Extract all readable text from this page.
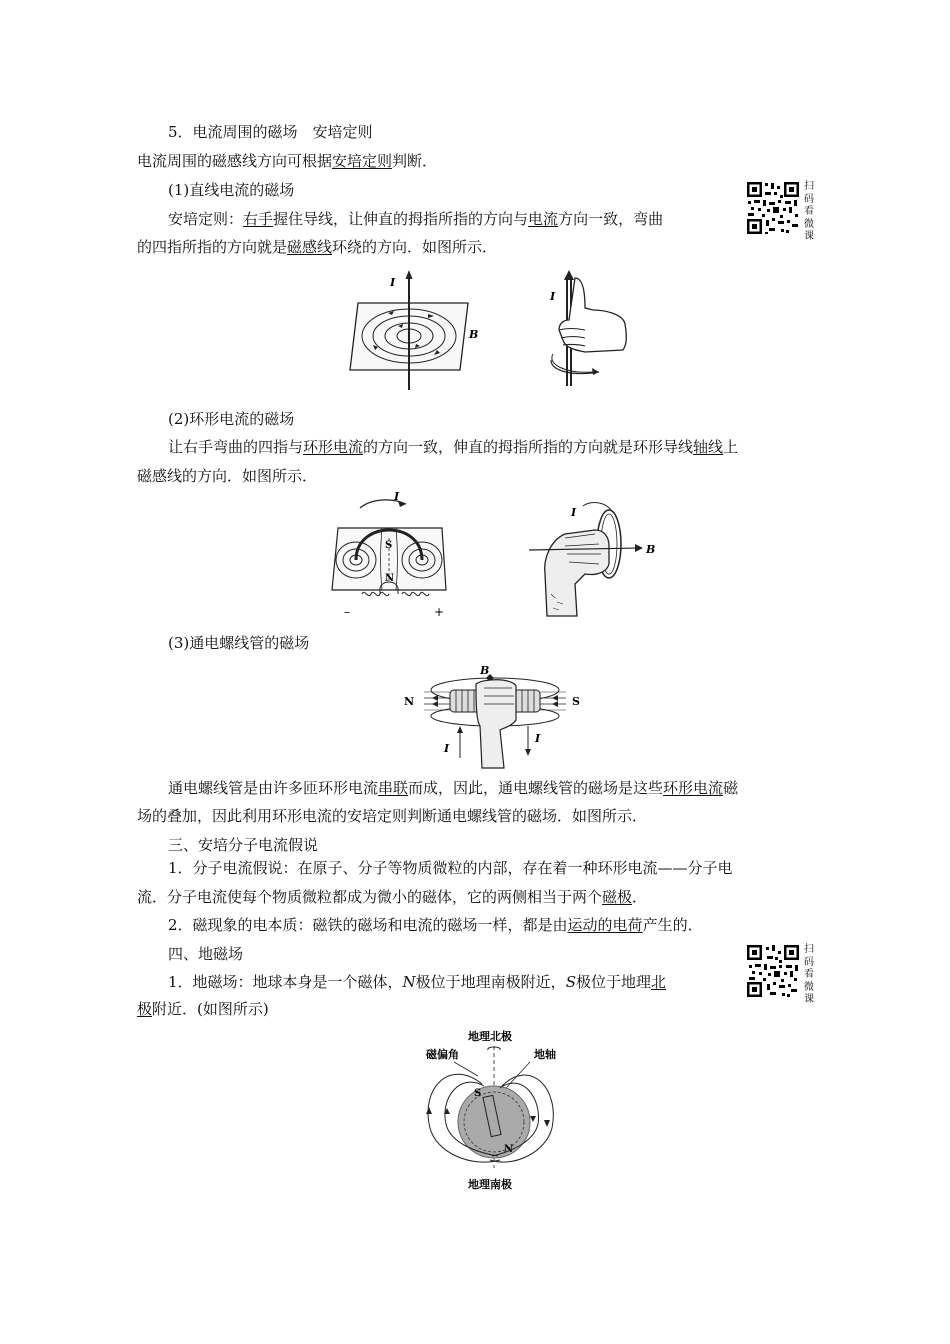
5．电流周围的磁场　安培定则
电流周围的磁感线方向可根据安培定则判断．
(1)直线电流的磁场
安培定则：右手握住导线，让伸直的拇指所指的方向与电流方向一致，弯曲
的四指所指的方向就是磁感线环绕的方向．如图所示．
扫
码
看
微
课
I
B
I
(2)环形电流的磁场
让右手弯曲的四指与环形电流的方向一致，伸直的拇指所指的方向就是环形导线轴线上
磁感线的方向．如图所示．
I
S
N
–	+
B
I
(3)通电螺线管的磁场
B
N	S
I
I
通电螺线管是由许多匝环形电流串联而成，因此，通电螺线管的磁场是这些环形电流磁
场的叠加，因此利用环形电流的安培定则判断通电螺线管的磁场．如图所示．
三、安培分子电流假说
1．分子电流假说：在原子、分子等物质微粒的内部，存在着一种环形电流——分子电
流．分子电流使每个物质微粒都成为微小的磁体，它的两侧相当于两个磁极．
2．磁现象的电本质：磁铁的磁场和电流的磁场一样，都是由运动的电荷产生的．
四、地磁场
1．地磁场：地球本身是一个磁体，N极位于地理南极附近，S极位于地理北
极附近．(如图所示)
扫
码
看
微
课
地理北极
磁偏角	地轴
S
N
地理南极
